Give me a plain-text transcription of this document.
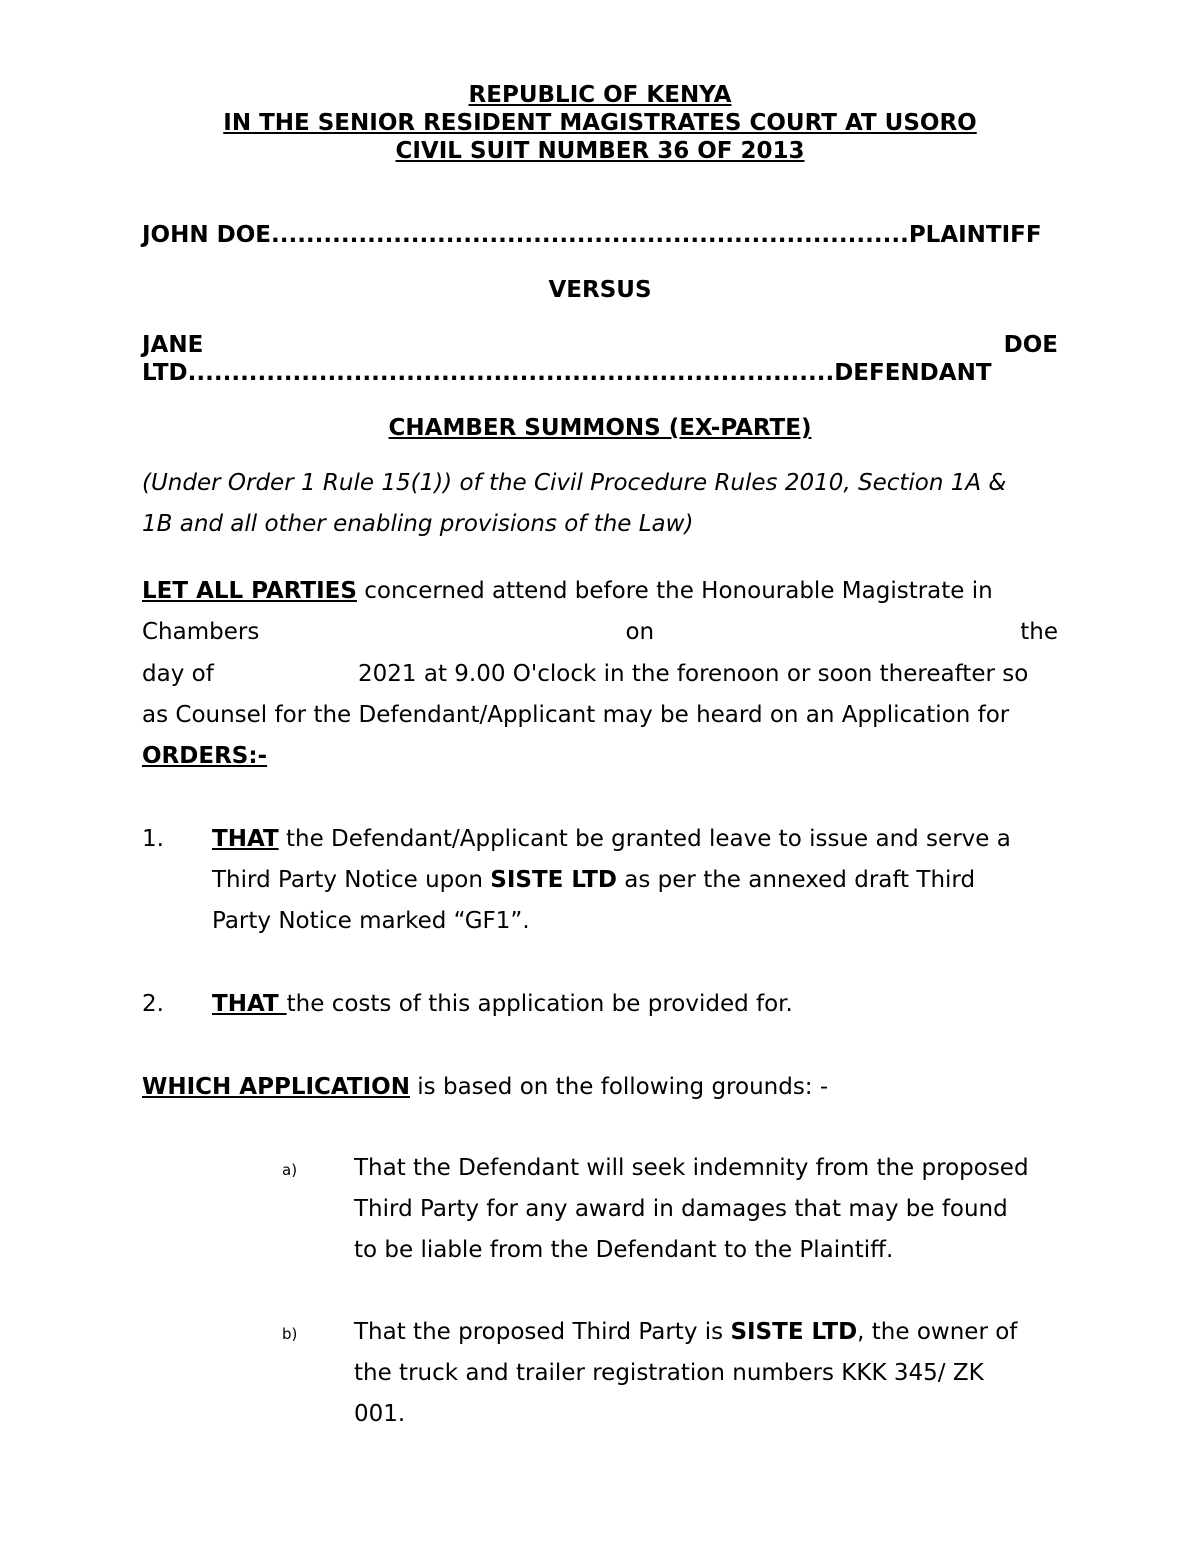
REPUBLIC OF KENYA
IN THE SENIOR RESIDENT MAGISTRATES COURT AT USORO
CIVIL SUIT NUMBER 36 OF 2013
JOHN DOE.........................................................................PLAINTIFF
VERSUS
JANE	DOE
LTD..........................................................................DEFENDANT
CHAMBER SUMMONS (EX-PARTE)
(Under Order 1 Rule 15(1)) of the Civil Procedure Rules 2010, Section 1A &
1B and all other enabling provisions of the Law)
LET ALL PARTIES concerned attend before the Honourable Magistrate in
Chambers	on	the
day of	2021 at 9.00 O'clock in the forenoon or soon thereafter so
as Counsel for the Defendant/Applicant may be heard on an Application for
ORDERS:-
1. THAT the Defendant/Applicant be granted leave to issue and serve a
Third Party Notice upon SISTE LTD as per the annexed draft Third
Party Notice marked “GF1”.
2. THAT the costs of this application be provided for.
WHICH APPLICATION is based on the following grounds: -
a) That the Defendant will seek indemnity from the proposed
Third Party for any award in damages that may be found
to be liable from the Defendant to the Plaintiff.
b) That the proposed Third Party is SISTE LTD, the owner of
the truck and trailer registration numbers KKK 345/ ZK
001.
